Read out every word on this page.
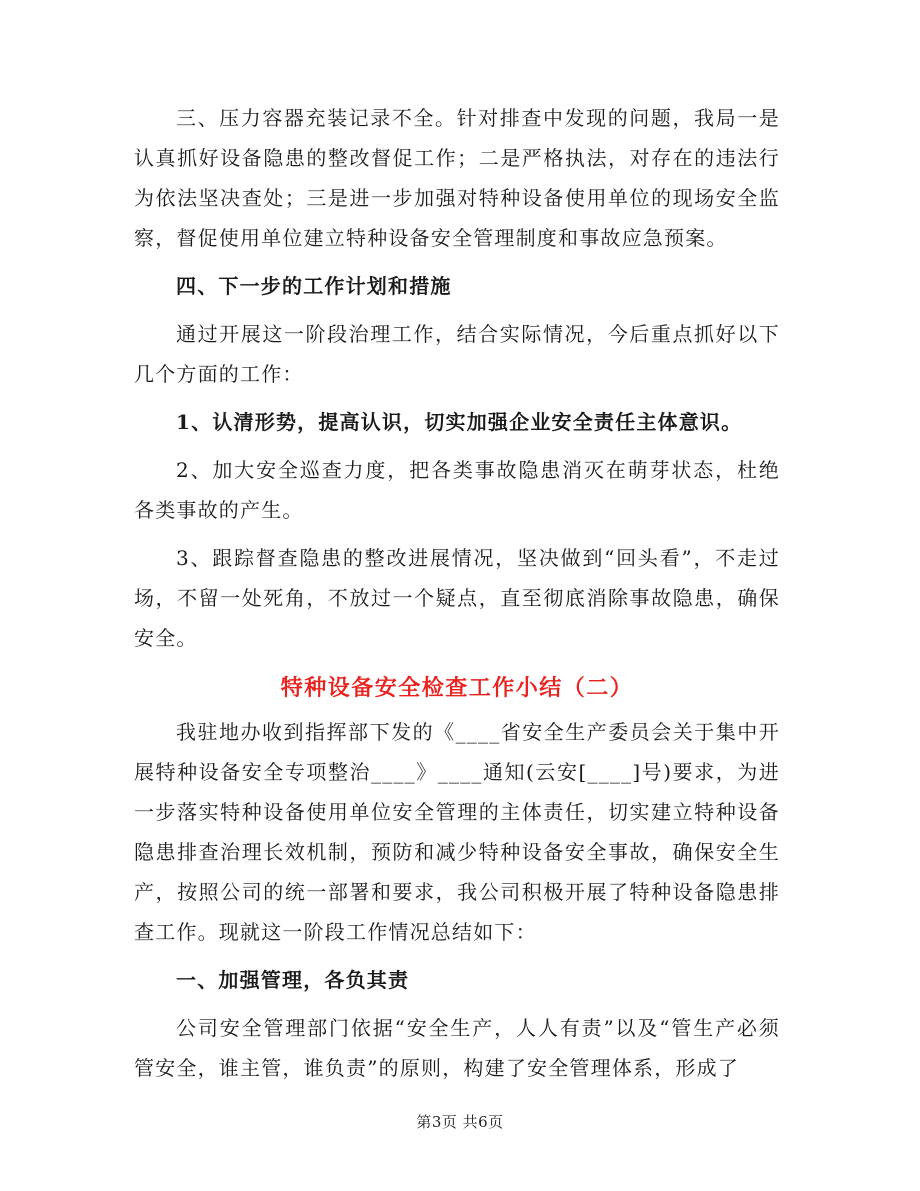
三、压力容器充装记录不全。针对排查中发现的问题，我局一是认真抓好设备隐患的整改督促工作；二是严格执法，对存在的违法行为依法坚决查处；三是进一步加强对特种设备使用单位的现场安全监察，督促使用单位建立特种设备安全管理制度和事故应急预案。

四、下一步的工作计划和措施

通过开展这一阶段治理工作，结合实际情况，今后重点抓好以下几个方面的工作：

1、认清形势，提高认识，切实加强企业安全责任主体意识。

2、加大安全巡查力度，把各类事故隐患消灭在萌芽状态，杜绝各类事故的产生。

3、跟踪督查隐患的整改进展情况，坚决做到“回头看”，不走过场，不留一处死角，不放过一个疑点，直至彻底消除事故隐患，确保安全。

特种设备安全检查工作小结（二）

我驻地办收到指挥部下发的《____省安全生产委员会关于集中开展特种设备安全专项整治____》____通知(云安[____]号)要求，为进一步落实特种设备使用单位安全管理的主体责任，切实建立特种设备隐患排查治理长效机制，预防和减少特种设备安全事故，确保安全生产，按照公司的统一部署和要求，我公司积极开展了特种设备隐患排查工作。现就这一阶段工作情况总结如下：

一、加强管理，各负其责

公司安全管理部门依据“安全生产，人人有责”以及“管生产必须管安全，谁主管，谁负责”的原则，构建了安全管理体系，形成了

第3页 共6页
